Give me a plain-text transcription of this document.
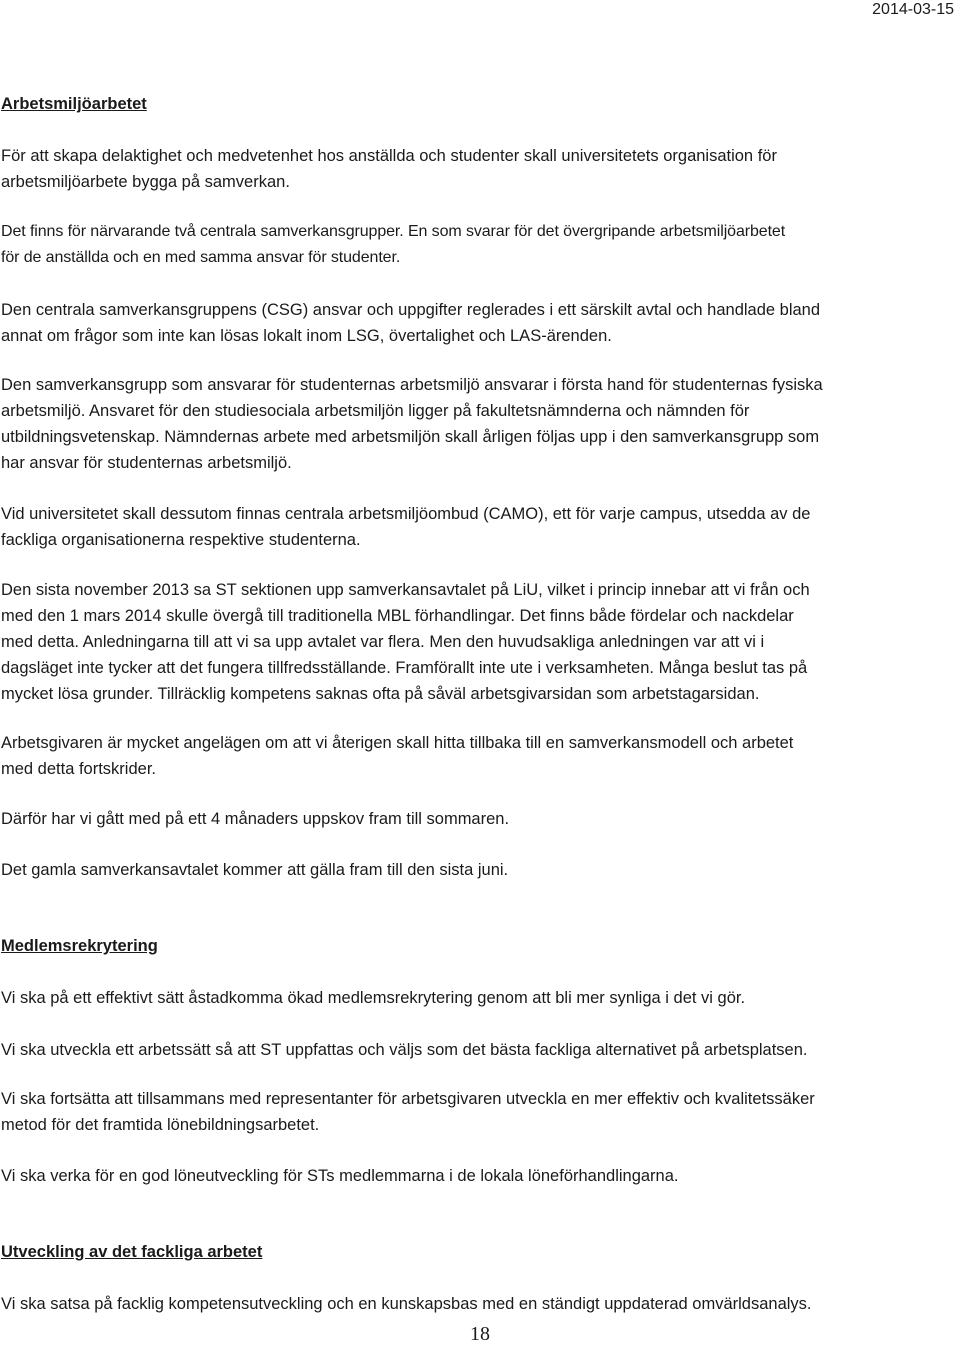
2014-03-15

Arbetsmiljöarbetet

För att skapa delaktighet och medvetenhet hos anställda och studenter skall universitetets organisation för
arbetsmiljöarbete bygga på samverkan.

Det finns för närvarande två centrala samverkansgrupper. En som svarar för det övergripande arbetsmiljöarbetet
för de anställda och en med samma ansvar för studenter.

Den centrala samverkansgruppens (CSG) ansvar och uppgifter reglerades i ett särskilt avtal och handlade bland
annat om frågor som inte kan lösas lokalt inom LSG, övertalighet och LAS-ärenden.

Den samverkansgrupp som ansvarar för studenternas arbetsmiljö ansvarar i första hand för studenternas fysiska
arbetsmiljö. Ansvaret för den studiesociala arbetsmiljön ligger på fakultetsnämnderna och nämnden för
utbildningsvetenskap. Nämndernas arbete med arbetsmiljön skall årligen följas upp i den samverkansgrupp som
har ansvar för studenternas arbetsmiljö.

Vid universitetet skall dessutom finnas centrala arbetsmiljöombud (CAMO), ett för varje campus, utsedda av de
fackliga organisationerna respektive studenterna.

Den sista november 2013 sa ST sektionen upp samverkansavtalet på LiU, vilket i princip innebar att vi från och
med den 1 mars 2014 skulle övergå till traditionella MBL förhandlingar. Det finns både fördelar och nackdelar
med detta. Anledningarna till att vi sa upp avtalet var flera. Men den huvudsakliga anledningen var att vi i
dagsläget inte tycker att det fungera tillfredsställande. Framförallt inte ute i verksamheten. Många beslut tas på
mycket lösa grunder. Tillräcklig kompetens saknas ofta på såväl arbetsgivarsidan som arbetstagarsidan.

Arbetsgivaren är mycket angelägen om att vi återigen skall hitta tillbaka till en samverkansmodell och arbetet
med detta fortskrider.

Därför har vi gått med på ett 4 månaders uppskov fram till sommaren.

Det gamla samverkansavtalet kommer att gälla fram till den sista juni.

Medlemsrekrytering

Vi ska på ett effektivt sätt åstadkomma ökad medlemsrekrytering genom att bli mer synliga i det vi gör.

Vi ska utveckla ett arbetssätt så att ST uppfattas och väljs som det bästa fackliga alternativet på arbetsplatsen.

Vi ska fortsätta att tillsammans med representanter för arbetsgivaren utveckla en mer effektiv och kvalitetssäker
metod för det framtida lönebildningsarbetet.

Vi ska verka för en god löneutveckling för STs medlemmarna i de lokala löneförhandlingarna.

Utveckling av det fackliga arbetet

Vi ska satsa på facklig kompetensutveckling och en kunskapsbas med en ständigt uppdaterad omvärldsanalys.

18
